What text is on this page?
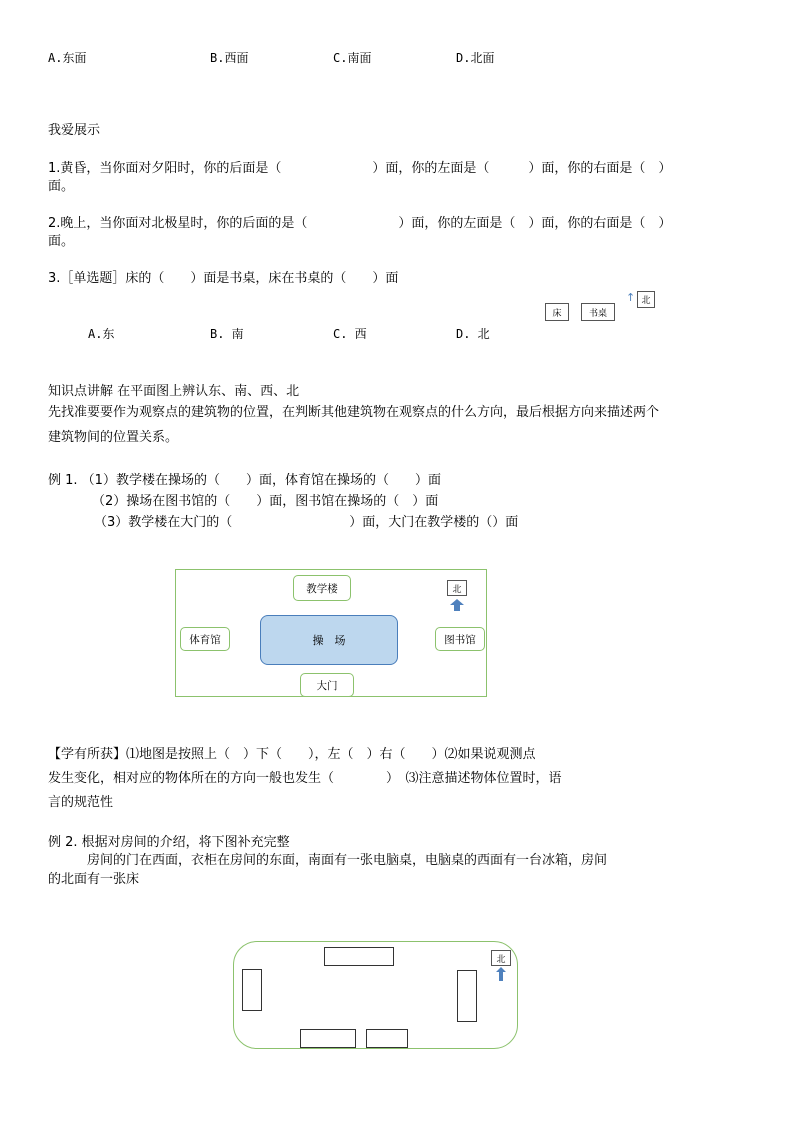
A.东面	B.西面	C.南面	D.北面
我爱展示
1.黄昏，当你面对夕阳时，你的后面是（　　　　　　　）面，你的左面是（　　　）面，你的右面是（　）
面。
2.晚上，当你面对北极星时，你的后面的是（　　　　　　　）面，你的左面是（　）面，你的右面是（　）
面。
3.［单选题］床的（　　）面是书桌，床在书桌的（　　）面
A.东	B. 南	C. 西	D. 北
床	书桌
↑ 北
知识点讲解 在平面图上辨认东、南、西、北
先找准要要作为观察点的建筑物的位置，在判断其他建筑物在观察点的什么方向，最后根据方向来描述两个
建筑物间的位置关系。
例 1. （1）教学楼在操场的（　　）面，体育馆在操场的（　　）面
（2）操场在图书馆的（　　）面，图书馆在操场的（　）面
（3）教学楼在大门的（　　　　　　　　　）面，大门在教学楼的（）面
教学楼
体育馆	操　场	图书馆
大门
北
【学有所获】⑴地图是按照上（　）下（　　），左（　）右（　　）⑵如果说观测点
发生变化，相对应的物体所在的方向一般也发生（　　　　）　⑶注意描述物体位置时，语
言的规范性
例 2. 根据对房间的介绍，将下图补充完整
　　　房间的门在西面，衣柜在房间的东面，南面有一张电脑桌，电脑桌的西面有一台冰箱，房间
的北面有一张床
北
